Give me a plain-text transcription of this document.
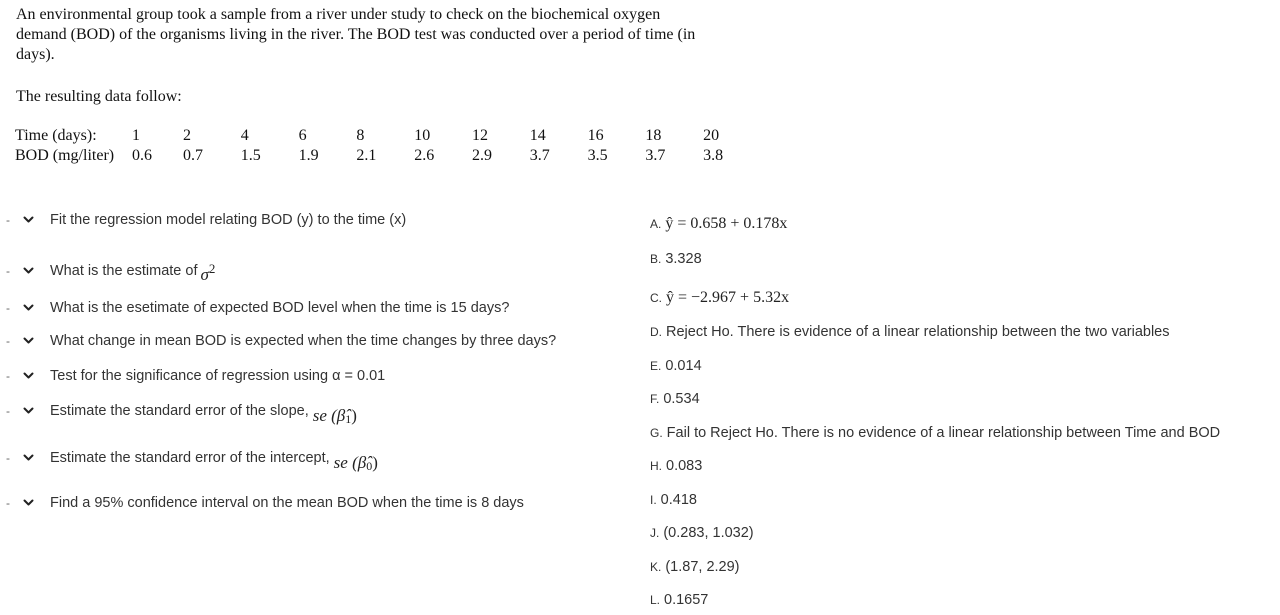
An environmental group took a sample from a river under study to check on the biochemical oxygen
demand (BOD) of the organisms living in the river. The BOD test was conducted over a period of time (in
days).
The resulting data follow:
Time (days):	1	2	4	6	8	10	12	14	16	18	20
BOD (mg/liter)	0.6	0.7	1.5	1.9	2.1	2.6	2.9	3.7	3.5	3.7	3.8
-	Fit the regression model relating BOD (y) to the time (x)
-	What is the estimate of $\sigma^2$
-	What is the esetimate of expected BOD level when the time is 15 days?
-	What change in mean BOD is expected when the time changes by three days?
-	Test for the significance of regression using α = 0.01
-	Estimate the standard error of the slope, se ($\betâ_1$ )
-	Estimate the standard error of the intercept, se ($\betâ_0$ )
-	Find a 95% confidence interval on the mean BOD when the time is 8 days
A. ŷ = 0.658 + 0.178x
B. 3.328
C. ŷ = −2.967 + 5.32x
D. Reject Ho. There is evidence of a linear relationship between the two variables
E. 0.014
F. 0.534
G. Fail to Reject Ho. There is no evidence of a linear relationship between Time and BOD
H. 0.083
I. 0.418
J. (0.283, 1.032)
K. (1.87, 2.29)
L. 0.1657
